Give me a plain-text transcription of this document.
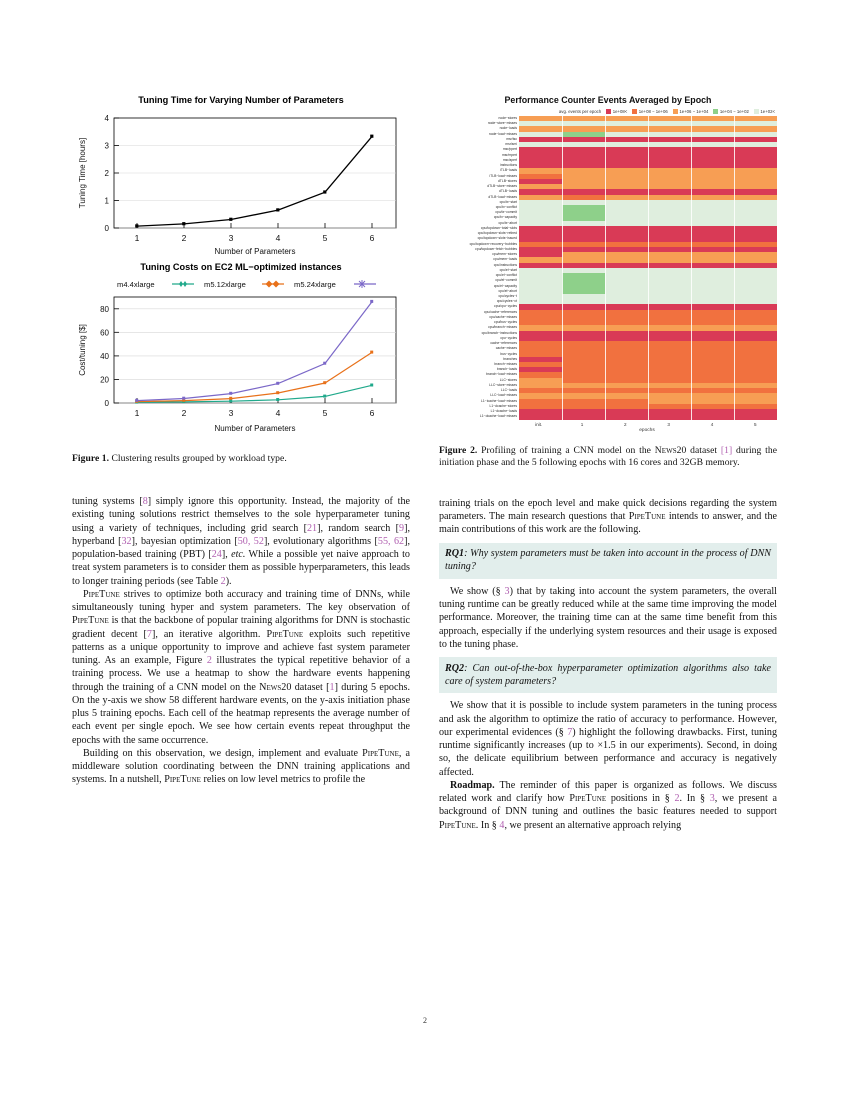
Tuning Time for Varying Number of Parameters
0
1
2
3
4
1	2	3	4	5	6
Number of Parameters
Tuning Time [hours]
Tuning Costs on EC2 ML−optimized instances
m4.4xlarge	m5.12xlarge	m5.24xlarge
0
20
40
60
80
1	2	3	4	5	6
Number of Parameters
Cost/tuning [$]
Figure 1. Clustering results grouped by workload type.

tuning systems [8] simply ignore this opportunity. Instead, the majority of the existing tuning solutions restrict themselves to the sole hyperparameter tuning using a variety of techniques, including grid search [21], random search [9], hyperband [32], bayesian optimization [50, 52], evolutionary algorithms [55, 62], population-based training (PBT) [24], etc. While a possible yet naive approach to treat system parameters is to consider them as possible hyperparameters, this leads to longer training periods (see Table 2).

PipeTune strives to optimize both accuracy and training time of DNNs, while simultaneously tuning hyper and system parameters. The key observation of PipeTune is that the backbone of popular training algorithms for DNN is stochastic gradient decent [7], an iterative algorithm. PipeTune exploits such repetitive patterns as a unique opportunity to improve and achieve fast system parameter tuning. As an example, Figure 2 illustrates the typical repetitive behavior of a training process. We use a heatmap to show the hardware events happening through the training of a CNN model on the News20 dataset [1] during 5 epochs. On the y-axis we show 58 different hardware events, on the y-axis initiation phase plus 5 training epochs. Each cell of the heatmap represents the average number of each event per single epoch. We see how certain events repeat throughput the epochs with the same occurrence.

Building on this observation, we design, implement and evaluate PipeTune, a middleware solution coordinating between the DNN training applications and systems. In a nutshell, PipeTune relies on low level metrics to profile the

Performance Counter Events Averaged by Epoch
avg. events per epoch	1e+08<	1e+08 − 1e+06	1e+06 − 1e+04	1e+04 − 1e+02	1e+02<
node−stores
node−store−misses
node−loads
node−load−misses
msr/tsc
msr/smi
msr/ppert
msr/mpert
msr/aperf
instructions
iTLB−loads
iTLB−load−misses
dTLB−stores
dTLB−store−misses
dTLB−loads
dTLB−load−misses
cpu/tx−start
cpu/tx−conflict
cpu/tx−commit
cpu/tx−capacity
cpu/tx−abort
cpu/topdown−total−slots
cpu/topdown−slots−retired
cpu/topdown−slots−issued
cpu/topdown−recovery−bubbles
cpu/topdown−fetch−bubbles
cpu/mem−stores
cpu/mem−loads
cpu/instructions
cpu/el−start
cpu/el−conflict
cpu/el−commit
cpu/el−capacity
cpu/el−abort
cpu/cycles−t
cpu/cycles−ct
cpu/cpu−cycles
cpu/cache−references
cpu/cache−misses
cpu/bus−cycles
cpu/branch−misses
cpu/branch−instructions
cpu−cycles
cache−references
cache−misses
bus−cycles
branches
branch−misses
branch−loads
branch−load−misses
LLC−stores
LLC−store−misses
LLC−loads
LLC−load−misses
L1−icache−load−misses
L1−dcache−stores
L1−dcache−loads
L1−dcache−load−misses
init.	1	2	3	4	5
epochs
Figure 2. Profiling of training a CNN model on the News20 dataset [1] during the initiation phase and the 5 following epochs with 16 cores and 32GB memory.

training trials on the epoch level and make quick decisions regarding the system parameters. The main research questions that PipeTune intends to answer, and the main contributions of this work are the following.

RQ1: Why system parameters must be taken into account in the process of DNN tuning?

We show (§ 3) that by taking into account the system parameters, the overall tuning runtime can be greatly reduced while at the same time improving the model performance. Moreover, the training time can at the same time benefit from this approach, especially if the underlying system resources and their usage is exposed to the tuning phase.

RQ2: Can out-of-the-box hyperparameter optimization algorithms also take care of system parameters?

We show that it is possible to include system parameters in the tuning process and ask the algorithm to optimize the ratio of accuracy to performance. However, our experimental evidences (§ 7) highlight the following drawbacks. First, tuning runtime significantly increases (up to ×1.5 in our experiments). Second, in doing so, the delicate equilibrium between performance and accuracy is negatively affected.

Roadmap. The reminder of this paper is organized as follows. We discuss related work and clarify how PipeTune positions in § 2. In § 3, we present a background of DNN tuning and outlines the basic features needed to support PipeTune. In § 4, we present an alternative approach relying

2
